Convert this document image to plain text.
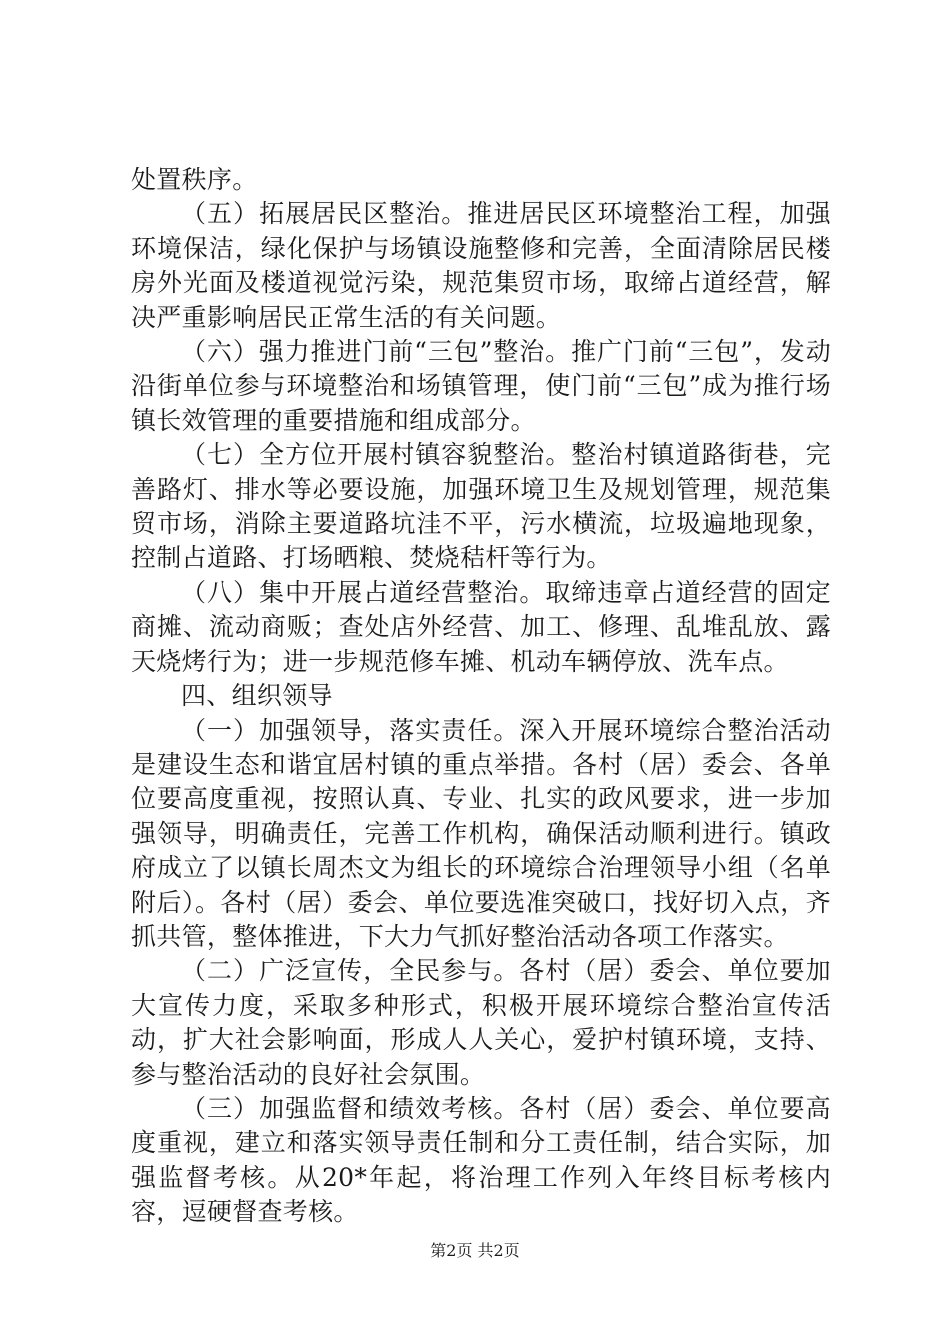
处置秩序。

（五）拓展居民区整治。推进居民区环境整治工程，加强环境保洁，绿化保护与场镇设施整修和完善，全面清除居民楼房外光面及楼道视觉污染，规范集贸市场，取缔占道经营，解决严重影响居民正常生活的有关问题。

（六）强力推进门前“三包”整治。推广门前“三包”，发动沿街单位参与环境整治和场镇管理，使门前“三包”成为推行场镇长效管理的重要措施和组成部分。

（七）全方位开展村镇容貌整治。整治村镇道路街巷，完善路灯、排水等必要设施，加强环境卫生及规划管理，规范集贸市场，消除主要道路坑洼不平，污水横流，垃圾遍地现象，控制占道路、打场晒粮、焚烧秸杆等行为。

（八）集中开展占道经营整治。取缔违章占道经营的固定商摊、流动商贩；查处店外经营、加工、修理、乱堆乱放、露天烧烤行为；进一步规范修车摊、机动车辆停放、洗车点。

四、组织领导

（一）加强领导，落实责任。深入开展环境综合整治活动是建设生态和谐宜居村镇的重点举措。各村（居）委会、各单位要高度重视，按照认真、专业、扎实的政风要求，进一步加强领导，明确责任，完善工作机构，确保活动顺利进行。镇政府成立了以镇长周杰文为组长的环境综合治理领导小组（名单附后）。各村（居）委会、单位要选准突破口，找好切入点，齐抓共管，整体推进，下大力气抓好整治活动各项工作落实。

（二）广泛宣传，全民参与。各村（居）委会、单位要加大宣传力度，采取多种形式，积极开展环境综合整治宣传活动，扩大社会影响面，形成人人关心，爱护村镇环境，支持、参与整治活动的良好社会氛围。

（三）加强监督和绩效考核。各村（居）委会、单位要高度重视，建立和落实领导责任制和分工责任制，结合实际，加强监督考核。从20*年起，将治理工作列入年终目标考核内容，逗硬督查考核。

第2页 共2页
